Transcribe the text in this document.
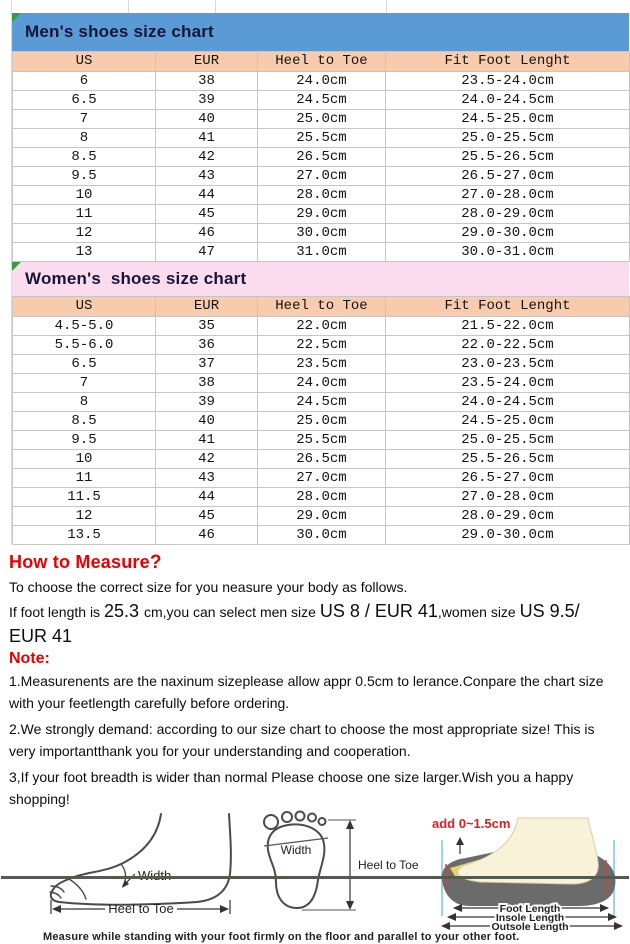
Men's shoes size chart
US	EUR	Heel to Toe	Fit Foot Lenght
6	38	24.0cm	23.5-24.0cm
6.5	39	24.5cm	24.0-24.5cm
7	40	25.0cm	24.5-25.0cm
8	41	25.5cm	25.0-25.5cm
8.5	42	26.5cm	25.5-26.5cm
9.5	43	27.0cm	26.5-27.0cm
10	44	28.0cm	27.0-28.0cm
11	45	29.0cm	28.0-29.0cm
12	46	30.0cm	29.0-30.0cm
13	47	31.0cm	30.0-31.0cm
Women's  shoes size chart
US	EUR	Heel to Toe	Fit Foot Lenght
4.5-5.0	35	22.0cm	21.5-22.0cm
5.5-6.0	36	22.5cm	22.0-22.5cm
6.5	37	23.5cm	23.0-23.5cm
7	38	24.0cm	23.5-24.0cm
8	39	24.5cm	24.0-24.5cm
8.5	40	25.0cm	24.5-25.0cm
9.5	41	25.5cm	25.0-25.5cm
10	42	26.5cm	25.5-26.5cm
11	43	27.0cm	26.5-27.0cm
11.5	44	28.0cm	27.0-28.0cm
12	45	29.0cm	28.0-29.0cm
13.5	46	30.0cm	29.0-30.0cm
How to Measure?
To choose the correct size for you neasure your body as follows.
If foot length is 25.3 cm,you can select men size US 8 / EUR 41,women size US 9.5/ EUR 41
Note:
1.Measurenents are the naxinum sizeplease allow appr 0.5cm to lerance.Conpare the chart size with your feetlength carefully before ordering.
2.We strongly demand: according to our size chart to choose the most appropriate size! This is very importantthank you for your understanding and cooperation.
3,If your foot breadth is wider than normal Please choose one size larger.Wish you a happy shopping!
Heel to Toe
Width
Heel to Toe
add 0~1.5cm
Foot Length
Insole Length
Outsole Length
Measure while standing with your foot firmly on the floor and parallel to your other foot.
